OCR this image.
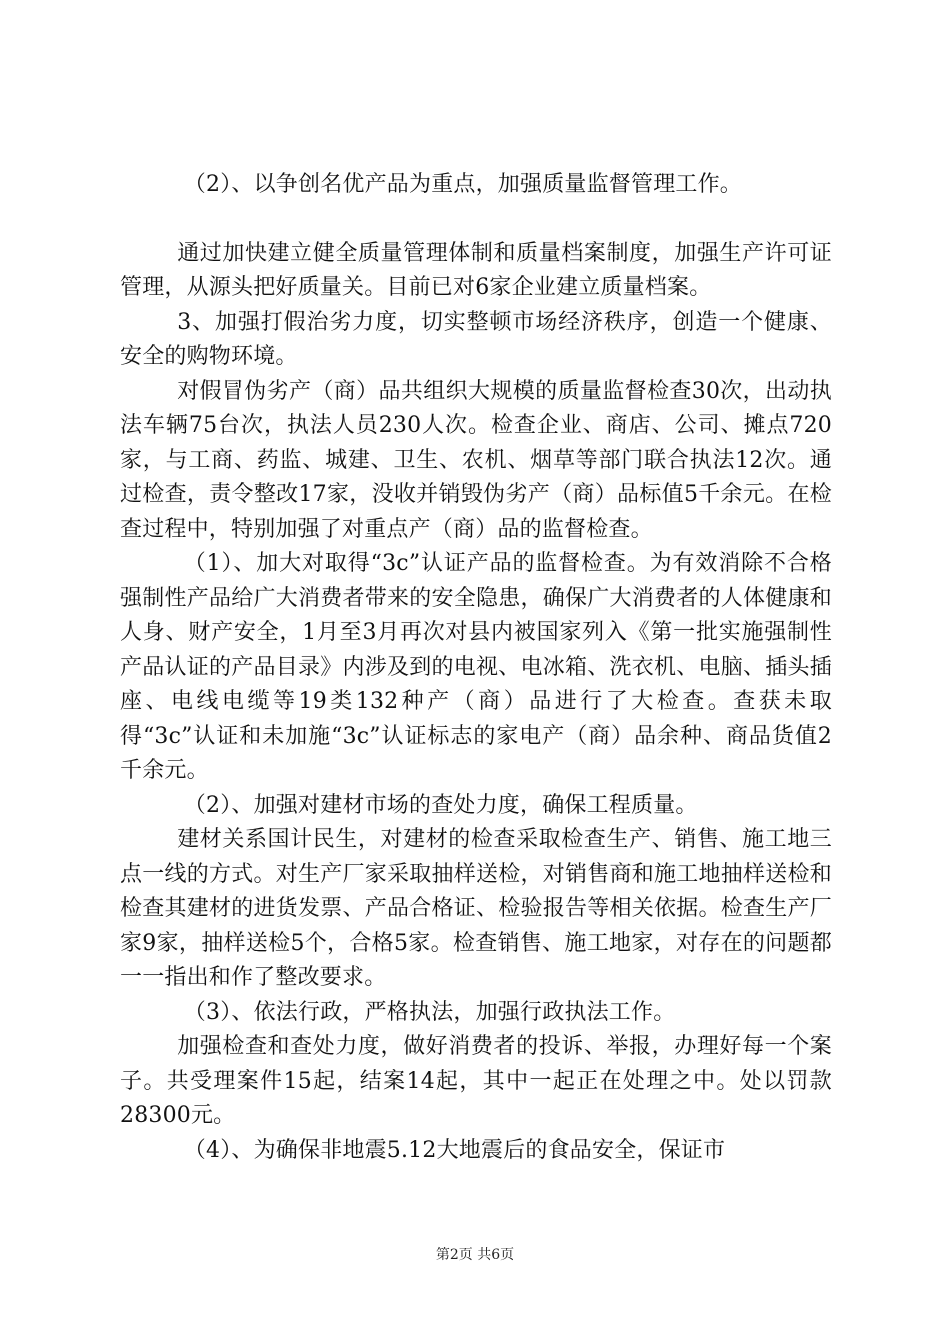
（2）、以争创名优产品为重点，加强质量监督管理工作。

通过加快建立健全质量管理体制和质量档案制度，加强生产许可证管理，从源头把好质量关。目前已对6家企业建立质量档案。

3、加强打假治劣力度，切实整顿市场经济秩序，创造一个健康、安全的购物环境。

对假冒伪劣产（商）品共组织大规模的质量监督检查30次，出动执法车辆75台次，执法人员230人次。检查企业、商店、公司、摊点720家，与工商、药监、城建、卫生、农机、烟草等部门联合执法12次。通过检查，责令整改17家，没收并销毁伪劣产（商）品标值5千余元。在检查过程中，特别加强了对重点产（商）品的监督检查。

（1）、加大对取得“3c”认证产品的监督检查。为有效消除不合格强制性产品给广大消费者带来的安全隐患，确保广大消费者的人体健康和人身、财产安全，1月至3月再次对县内被国家列入《第一批实施强制性产品认证的产品目录》内涉及到的电视、电冰箱、洗衣机、电脑、插头插座、电线电缆等19类132种产（商）品进行了大检查。查获未取得“3c”认证和未加施“3c”认证标志的家电产（商）品余种、商品货值2千余元。

（2）、加强对建材市场的查处力度，确保工程质量。

建材关系国计民生，对建材的检查采取检查生产、销售、施工地三点一线的方式。对生产厂家采取抽样送检，对销售商和施工地抽样送检和检查其建材的进货发票、产品合格证、检验报告等相关依据。检查生产厂家9家，抽样送检5个，合格5家。检查销售、施工地家，对存在的问题都一一指出和作了整改要求。

（3）、依法行政，严格执法，加强行政执法工作。

加强检查和查处力度，做好消费者的投诉、举报，办理好每一个案子。共受理案件15起，结案14起，其中一起正在处理之中。处以罚款28300元。

（4）、为确保非地震5.12大地震后的食品安全，保证市

第2页 共6页
